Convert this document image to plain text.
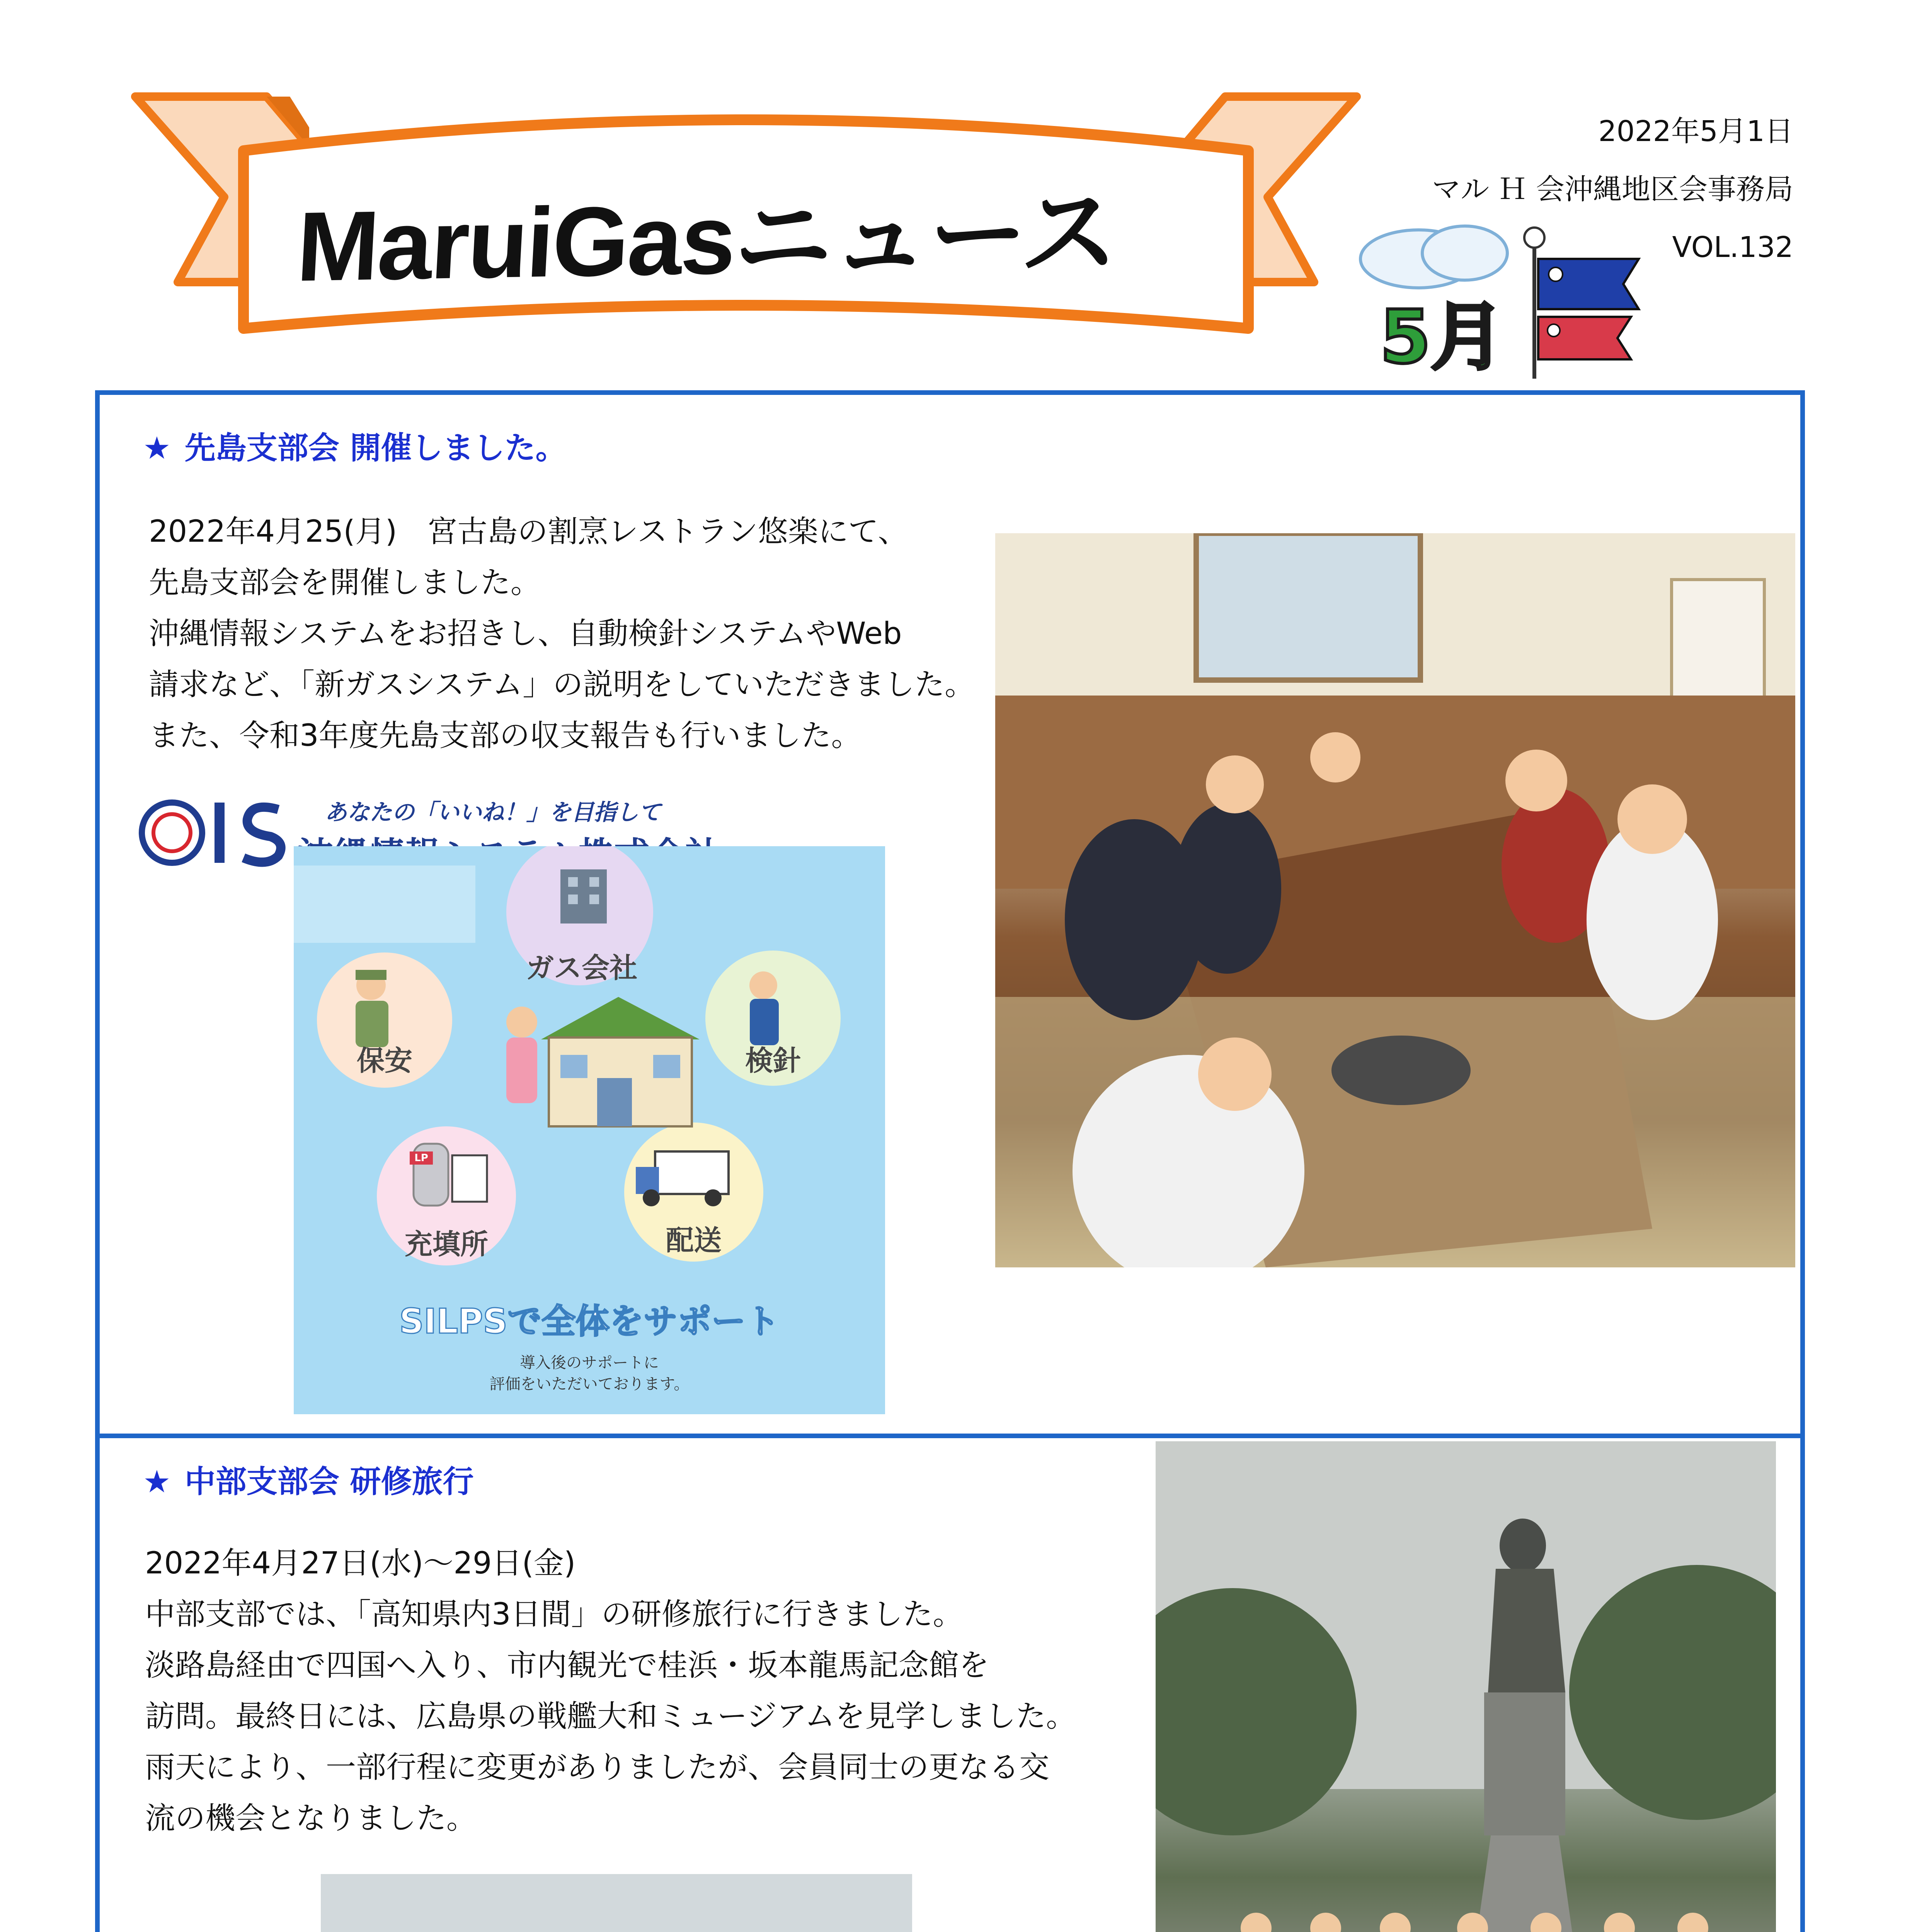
MaruiGasニュース
2022年5月1日
マル Ｈ 会沖縄地区会事務局
VOL.132
5月
★ 先島支部会 開催しました。
2022年4月25(月)　宮古島の割烹レストラン悠楽にて、
先島支部会を開催しました。
沖縄情報システムをお招きし、自動検針システムやWeb
請求など、「新ガスシステム」の説明をしていただきました。
また、令和3年度先島支部の収支報告も行いました。
あなたの「いいね！」を目指して
ガス会社
保安	検針
充填所	配送
LP
SILPSで全体をサポート
導入後のサポートに
評価をいただいております。
★ 中部支部会 研修旅行
2022年4月27日(水)～29日(金)
中部支部では、「高知県内3日間」の研修旅行に行きました。
淡路島経由で四国へ入り、市内観光で桂浜・坂本龍馬記念館を
訪問。最終日には、広島県の戦艦大和ミュージアムを見学しました。
雨天により、一部行程に変更がありましたが、会員同士の更なる交
流の機会となりました。
